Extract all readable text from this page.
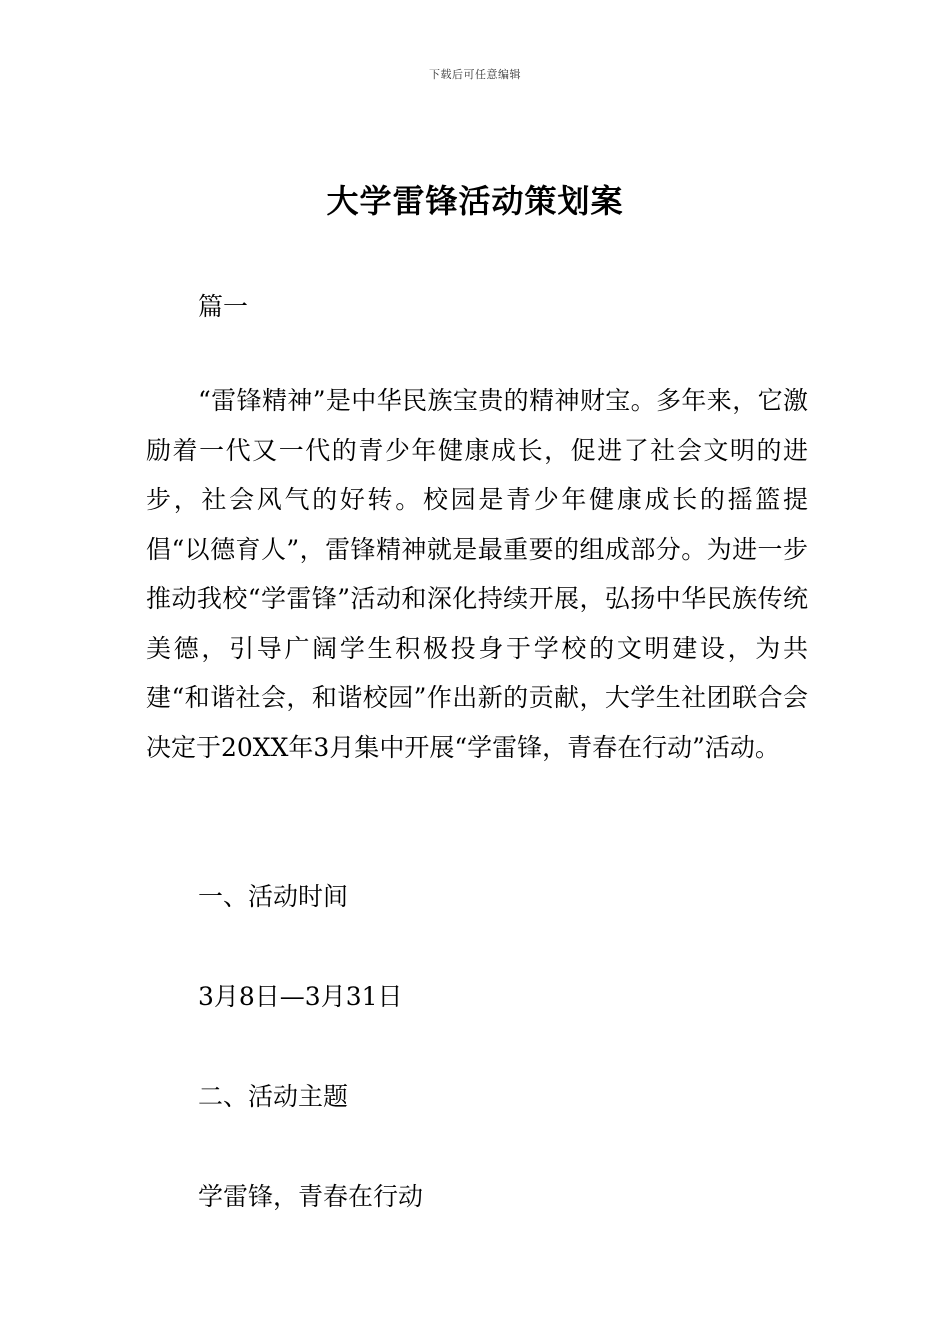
下载后可任意编辑
大学雷锋活动策划案

篇一

“雷锋精神”是中华民族宝贵的精神财宝。多年来，它激励着一代又一代的青少年健康成长，促进了社会文明的进步，社会风气的好转。校园是青少年健康成长的摇篮提倡“以德育人”，雷锋精神就是最重要的组成部分。为进一步推动我校“学雷锋”活动和深化持续开展，弘扬中华民族传统美德，引导广阔学生积极投身于学校的文明建设，为共建“和谐社会，和谐校园”作出新的贡献，大学生社团联合会决定于20XX年3月集中开展“学雷锋，青春在行动”活动。

一、活动时间

3月8日—3月31日

二、活动主题

学雷锋，青春在行动
